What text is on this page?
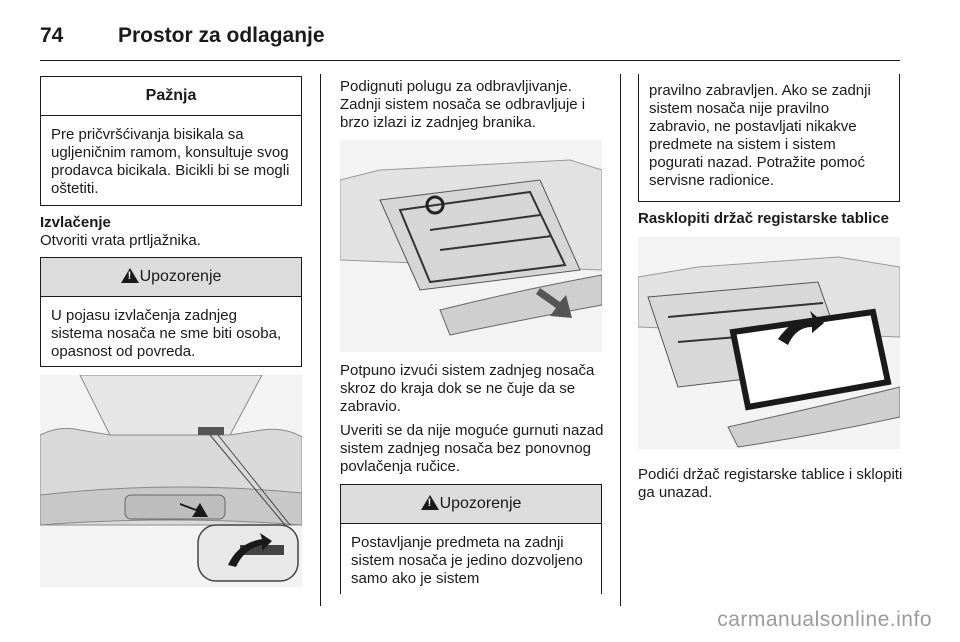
74	Prostor za odlaganje
Pažnja
Pre pričvršćivanja bisikala sa ugljeničnim ramom, konsultuje svog prodavca bicikala. Bicikli bi se mogli oštetiti.

Izvlačenje

Otvoriti vrata prtljažnika.

!Upozorenje
U pojasu izvlačenja zadnjeg sistema nosača ne sme biti osoba, opasnost od povreda.

Podignuti polugu za odbravljivanje. Zadnji sistem nosača se odbravljuje i brzo izlazi iz zadnjeg branika.

Potpuno izvući sistem zadnjeg nosača skroz do kraja dok se ne čuje da se zabravio.

Uveriti se da nije moguće gurnuti nazad sistem zadnjeg nosača bez ponovnog povlačenja ručice.

!Upozorenje
Postavljanje predmeta na zadnji sistem nosača je jedino dozvoljeno samo ako je sistem
pravilno zabravljen. Ako se zadnji sistem nosača nije pravilno zabravio, ne postavljati nikakve predmete na sistem i sistem pogurati nazad. Potražite pomoć servisne radionice.

Rasklopiti držač registarske tablice

Podići držač registarske tablice i sklopiti ga unazad.

carmanualsonline.info
